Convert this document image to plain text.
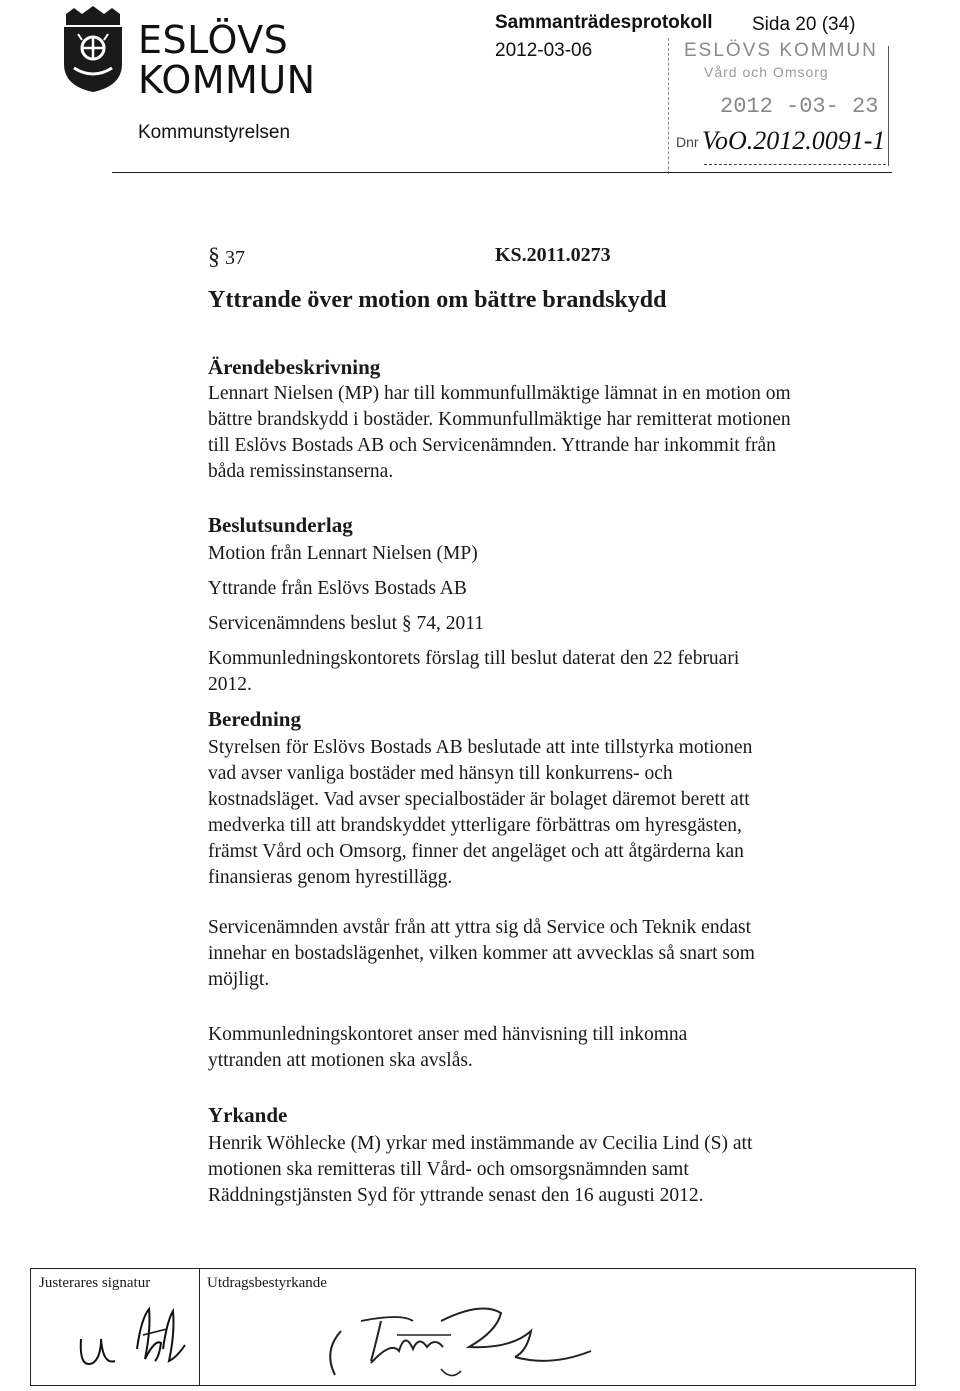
ESLÖVS
KOMMUN
Kommunstyrelsen
Sammanträdesprotokoll
2012-03-06
Sida 20 (34)
ESLÖVS KOMMUN
Vård och Omsorg
2012 -03- 23
Dnr VoO.2012.0091-1
§ 37	KS.2011.0273
Yttrande över motion om bättre brandskydd
Ärendebeskrivning

Lennart Nielsen (MP) har till kommunfullmäktige lämnat in en motion om bättre brandskydd i bostäder. Kommunfullmäktige har remitterat motionen till Eslövs Bostads AB och Servicenämnden. Yttrande har inkommit från båda remissinstanserna.

Beslutsunderlag
Motion från Lennart Nielsen (MP)
Yttrande från Eslövs Bostads AB
Servicenämndens beslut § 74, 2011
Kommunledningskontorets förslag till beslut daterat den 22 februari 2012.
Beredning

Styrelsen för Eslövs Bostads AB beslutade att inte tillstyrka motionen vad avser vanliga bostäder med hänsyn till konkurrens- och kostnadsläget. Vad avser specialbostäder är bolaget däremot berett att medverka till att brandskyddet ytterligare förbättras om hyresgästen, främst Vård och Omsorg, finner det angeläget och att åtgärderna kan finansieras genom hyrestillägg.

Servicenämnden avstår från att yttra sig då Service och Teknik endast innehar en bostadslägenhet, vilken kommer att avvecklas så snart som möjligt.

Kommunledningskontoret anser med hänvisning till inkomna yttranden att motionen ska avslås.

Yrkande

Henrik Wöhlecke (M) yrkar med instämmande av Cecilia Lind (S) att motionen ska remitteras till Vård- och omsorgsnämnden samt Räddningstjänsten Syd för yttrande senast den 16 augusti 2012.

Justerares signatur	Utdragsbestyrkande
